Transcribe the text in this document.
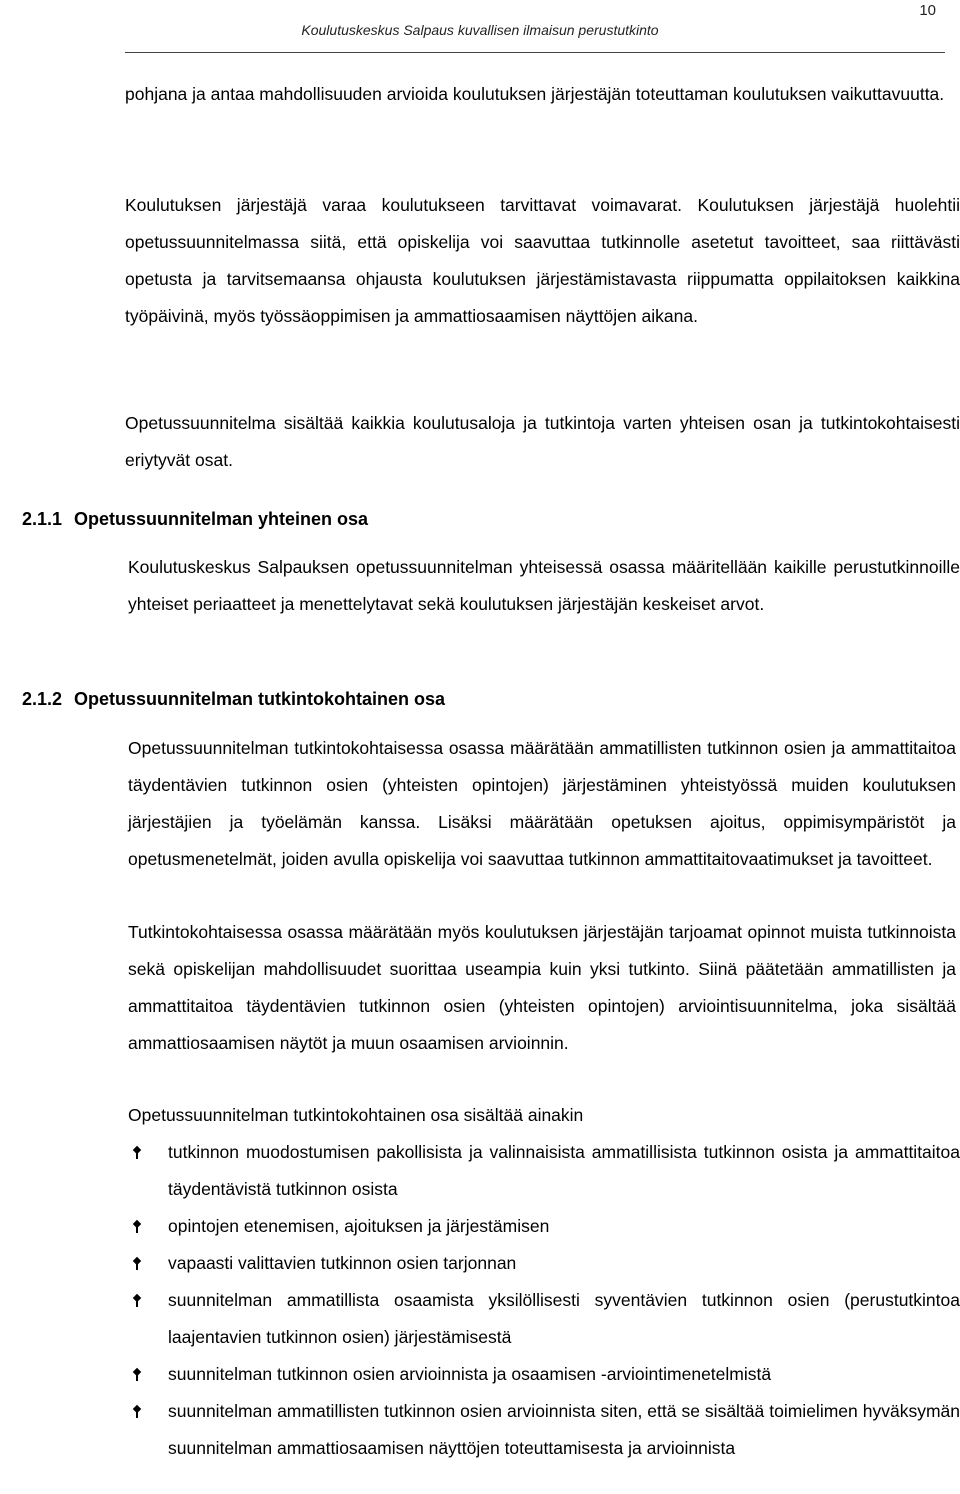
Koulutuskeskus Salpaus kuvallisen ilmaisun perustutkinto
10

pohjana ja antaa mahdollisuuden arvioida koulutuksen järjestäjän toteuttaman koulutuksen vaikuttavuutta.

Koulutuksen järjestäjä varaa koulutukseen tarvittavat voimavarat. Koulutuksen järjestäjä huolehtii opetussuunnitelmassa siitä, että opiskelija voi saavuttaa tutkinnolle asetetut tavoitteet, saa riittävästi opetusta ja tarvitsemaansa ohjausta koulutuksen järjestämistavasta riippumatta oppilaitoksen kaikkina työpäivinä, myös työssäoppimisen ja ammattiosaamisen näyttöjen aikana.

Opetussuunnitelma sisältää kaikkia koulutusaloja ja tutkintoja varten yhteisen osan ja tutkintokohtaisesti eriytyvät osat.

2.1.1 Opetussuunnitelman yhteinen osa

Koulutuskeskus Salpauksen opetussuunnitelman yhteisessä osassa määritellään kaikille perustutkinnoille yhteiset periaatteet ja menettelytavat sekä koulutuksen järjestäjän keskeiset arvot.

2.1.2 Opetussuunnitelman tutkintokohtainen osa

Opetussuunnitelman tutkintokohtaisessa osassa määrätään ammatillisten tutkinnon osien ja ammattitaitoa täydentävien tutkinnon osien (yhteisten opintojen) järjestäminen yhteistyössä muiden koulutuksen järjestäjien ja työelämän kanssa. Lisäksi määrätään opetuksen ajoitus, oppimisympäristöt ja opetusmenetelmät, joiden avulla opiskelija voi saavuttaa tutkinnon ammattitaitovaatimukset ja tavoitteet.

Tutkintokohtaisessa osassa määrätään myös koulutuksen järjestäjän tarjoamat opinnot muista tutkinnoista sekä opiskelijan mahdollisuudet suorittaa useampia kuin yksi tutkinto. Siinä päätetään ammatillisten ja ammattitaitoa täydentävien tutkinnon osien (yhteisten opintojen) arviointisuunnitelma, joka sisältää ammattiosaamisen näytöt ja muun osaamisen arvioinnin.

Opetussuunnitelman tutkintokohtainen osa sisältää ainakin

tutkinnon muodostumisen pakollisista ja valinnaisista ammatillisista tutkinnon osista ja ammattitaitoa täydentävistä tutkinnon osista
opintojen etenemisen, ajoituksen ja järjestämisen
vapaasti valittavien tutkinnon osien tarjonnan
suunnitelman ammatillista osaamista yksilöllisesti syventävien tutkinnon osien (perustutkintoa laajentavien tutkinnon osien) järjestämisestä
suunnitelman tutkinnon osien arvioinnista ja osaamisen -arviointimenetelmistä
suunnitelman ammatillisten tutkinnon osien arvioinnista siten, että se sisältää toimielimen hyväksymän suunnitelman ammattiosaamisen näyttöjen toteuttamisesta ja arvioinnista
